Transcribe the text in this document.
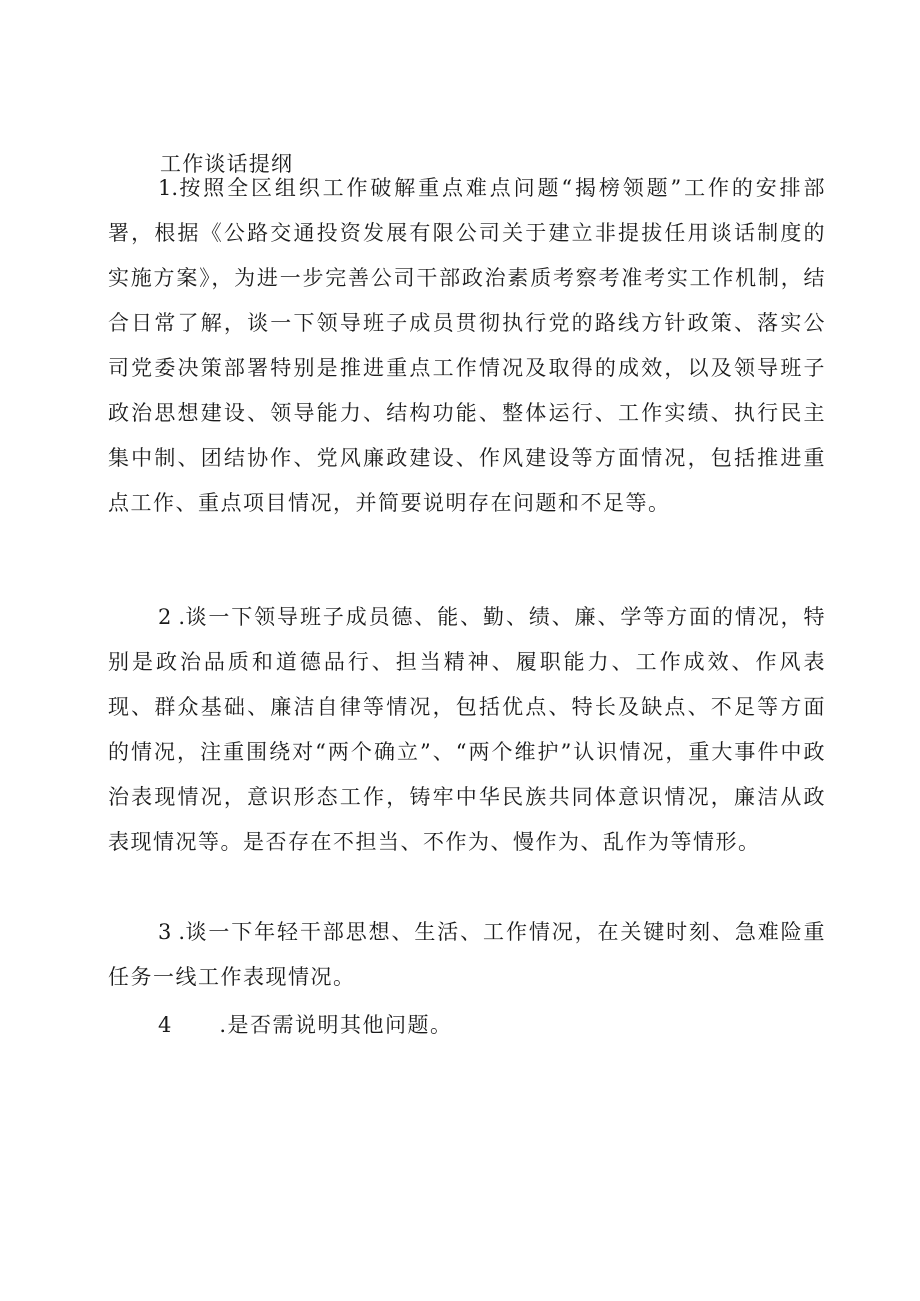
工作谈话提纲

1.按照全区组织工作破解重点难点问题“揭榜领题”工作的安排部署，根据《公路交通投资发展有限公司关于建立非提拔任用谈话制度的实施方案》，为进一步完善公司干部政治素质考察考准考实工作机制，结合日常了解，谈一下领导班子成员贯彻执行党的路线方针政策、落实公司党委决策部署特别是推进重点工作情况及取得的成效，以及领导班子政治思想建设、领导能力、结构功能、整体运行、工作实绩、执行民主集中制、团结协作、党风廉政建设、作风建设等方面情况，包括推进重点工作、重点项目情况，并简要说明存在问题和不足等。

2 .谈一下领导班子成员德、能、勤、绩、廉、学等方面的情况，特别是政治品质和道德品行、担当精神、履职能力、工作成效、作风表现、群众基础、廉洁自律等情况，包括优点、特长及缺点、不足等方面的情况，注重围绕对“两个确立”、“两个维护”认识情况，重大事件中政治表现情况，意识形态工作，铸牢中华民族共同体意识情况，廉洁从政表现情况等。是否存在不担当、不作为、慢作为、乱作为等情形。

3 .谈一下年轻干部思想、生活、工作情况，在关键时刻、急难险重任务一线工作表现情况。

4 .是否需说明其他问题。
